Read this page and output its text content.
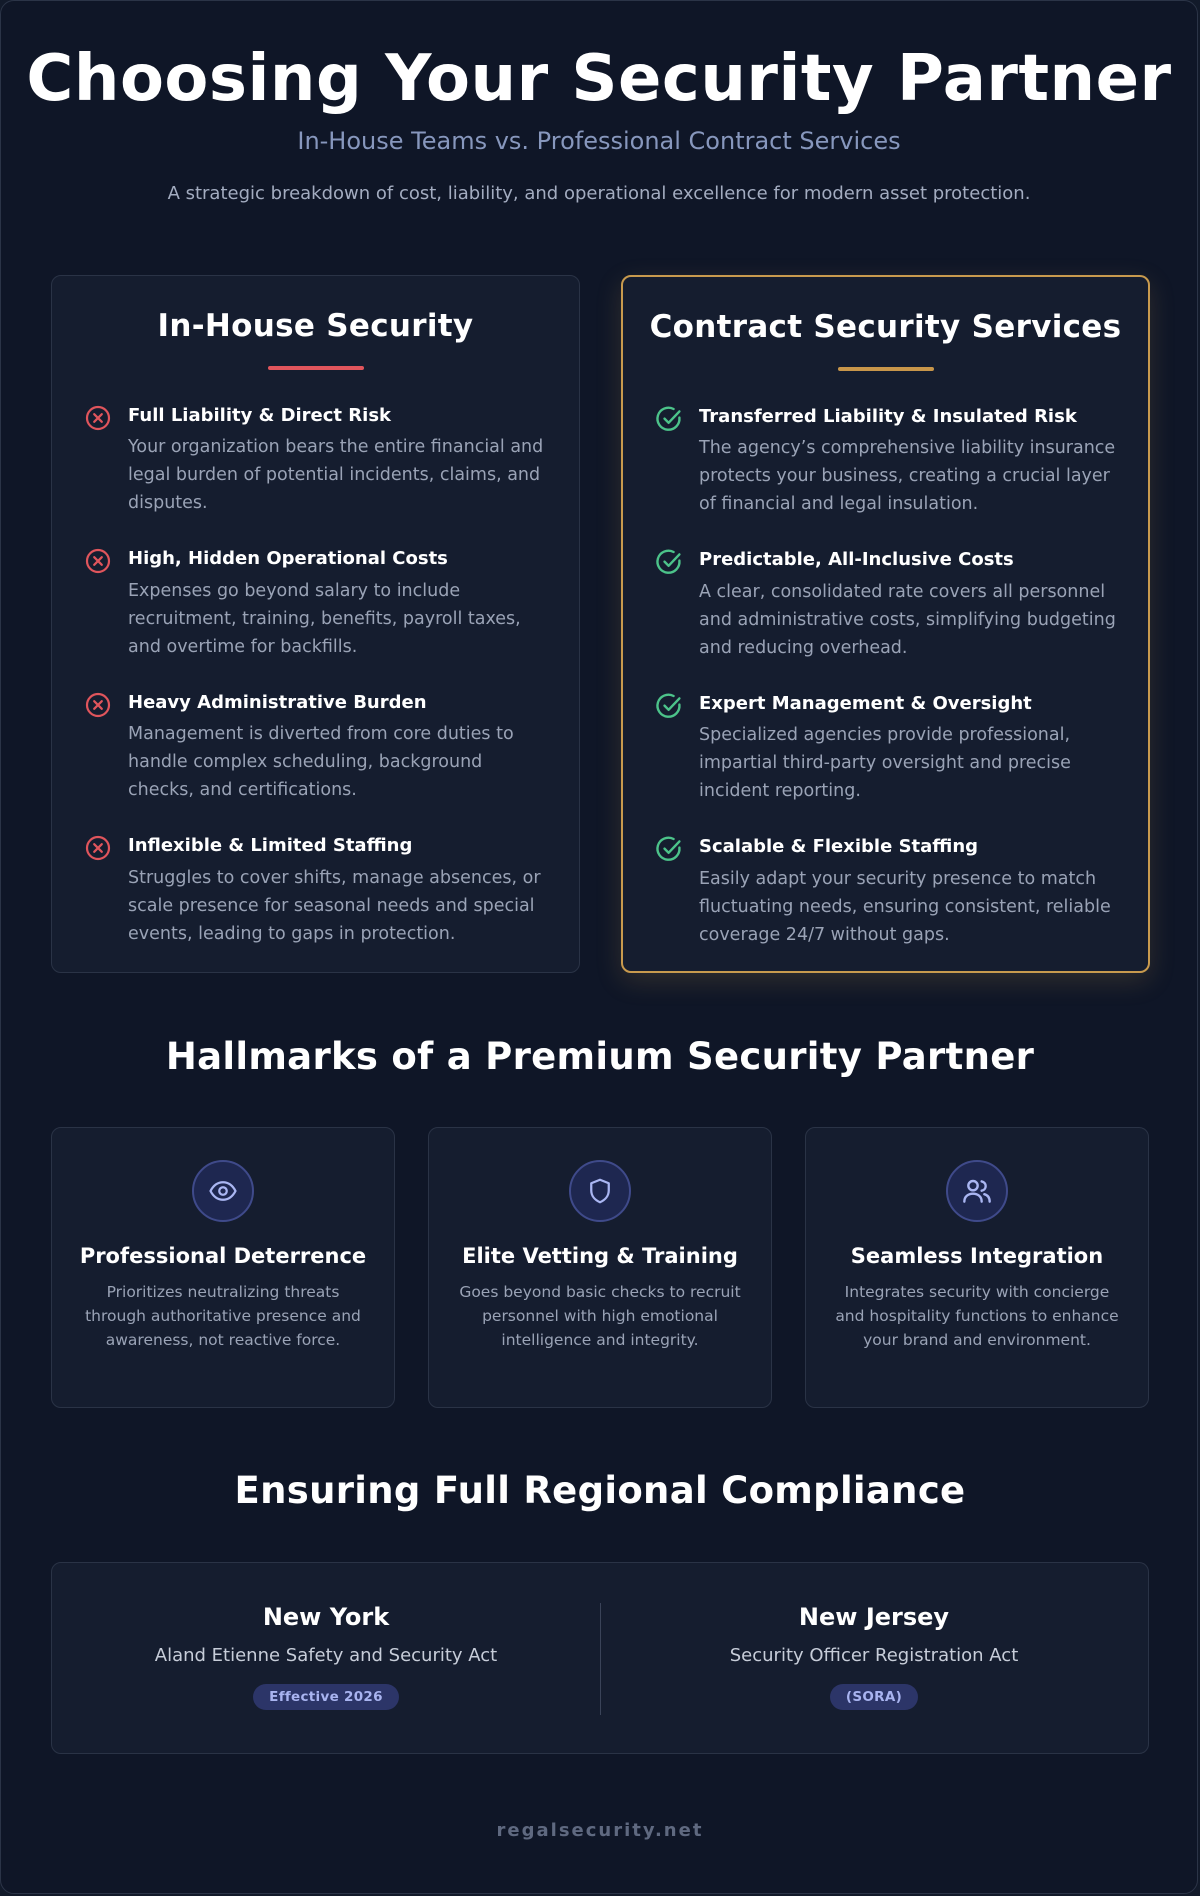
Choosing Your Security Partner
In-House Teams vs. Professional Contract Services
A strategic breakdown of cost, liability, and operational excellence for modern asset protection.
In-House Security
Full Liability & Direct Risk
Your organization bears the entire financial and legal burden of potential incidents, claims, and disputes.
High, Hidden Operational Costs
Expenses go beyond salary to include recruitment, training, benefits, payroll taxes, and overtime for backfills.
Heavy Administrative Burden
Management is diverted from core duties to handle complex scheduling, background checks, and certifications.
Inflexible & Limited Staffing
Struggles to cover shifts, manage absences, or scale presence for seasonal needs and special events, leading to gaps in protection.
Contract Security Services
Transferred Liability & Insulated Risk
The agency’s comprehensive liability insurance protects your business, creating a crucial layer of financial and legal insulation.
Predictable, All-Inclusive Costs
A clear, consolidated rate covers all personnel and administrative costs, simplifying budgeting and reducing overhead.
Expert Management & Oversight
Specialized agencies provide professional, impartial third-party oversight and precise incident reporting.
Scalable & Flexible Staffing
Easily adapt your security presence to match fluctuating needs, ensuring consistent, reliable coverage 24/7 without gaps.
Hallmarks of a Premium Security Partner
Professional Deterrence
Prioritizes neutralizing threats through authoritative presence and awareness, not reactive force.
Elite Vetting & Training
Goes beyond basic checks to recruit personnel with high emotional intelligence and integrity.
Seamless Integration
Integrates security with concierge and hospitality functions to enhance your brand and environment.
Ensuring Full Regional Compliance
New York
Aland Etienne Safety and Security Act
Effective 2026
New Jersey
Security Officer Registration Act
(SORA)
regalsecurity.net
